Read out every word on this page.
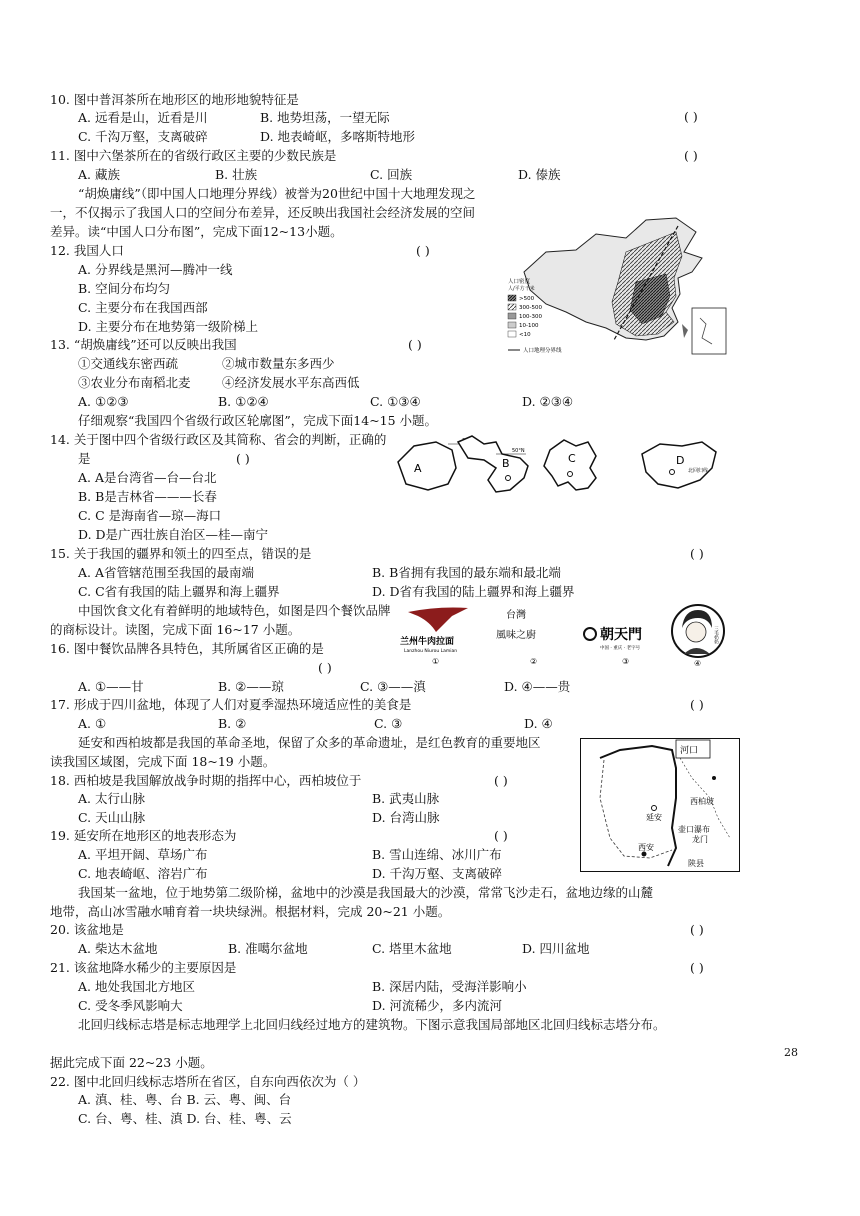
10. 图中普洱茶所在地形区的地形地貌特征是
( )
A. 远看是山，近看是川	B. 地势坦荡，一望无际
C. 千沟万壑，支离破碎	D. 地表崎岖，多喀斯特地形
11. 图中六堡茶所在的省级行政区主要的少数民族是	( )
A. 藏族	B. 壮族	C. 回族	D. 傣族
“胡焕庸线”（即中国人口地理分界线）被誉为20世纪中国十大地理发现之
一，不仅揭示了我国人口的空间分布差异，还反映出我国社会经济发展的空间
差异。读“中国人口分布图”，完成下面12~13小题。
人口密度
人/平方千米
>500
300-500
100-300
10-100
<10
人口地理分界线
12. 我国人口	( )
A. 分界线是黑河—腾冲一线
B. 空间分布均匀
C. 主要分布在我国西部
D. 主要分布在地势第一级阶梯上
13. “胡焕庸线”还可以反映出我国	( )
①交通线东密西疏	②城市数量东多西少
③农业分布南稻北麦	④经济发展水平东高西低
A. ①②③	B. ①②④	C. ①③④	D. ②③④
仔细观察“我国四个省级行政区轮廓图”，完成下面14~15 小题。
A
50°N
B	C	D
北回归线
14. 关于图中四个省级行政区及其简称、省会的判断，正确的
是	( )
A. A是台湾省—台—台北
B. B是吉林省———长春
C. C 是海南省—琼—海口
D. D是广西壮族自治区—桂—南宁
15. 关于我国的疆界和领土的四至点，错误的是	( )
A. A省管辖范围至我国的最南端	B. B省拥有我国的最东端和最北端
C. C省有我国的陆上疆界和海上疆界	D. D省有我国的陆上疆界和海上疆界
中国饮食文化有着鲜明的地域特色，如图是四个餐饮品牌
的商标设计。读图，完成下面 16~17 小题。
兰州牛肉拉面
Lanzhou Niurou Lamian
①
台灣
風味之廚
②
朝天門
中国 · 重庆 · 老字号
③
三毛奶奶
④
16. 图中餐饮品牌各具特色，其所属省区正确的是
( )
A. ①——甘	B. ②——琼	C. ③——滇	D. ④——贵
17. 形成于四川盆地，体现了人们对夏季湿热环境适应性的美食是	( )
A. ①	B. ②	C. ③	D. ④
延安和西柏坡都是我国的革命圣地，保留了众多的革命遗址，是红色教育的重要地区
读我国区域图，完成下面 18~19 小题。
河口
西柏坡
延安
壶口瀑布
龙门
西安
陕县
18. 西柏坡是我国解放战争时期的指挥中心，西柏坡位于	( )
A. 太行山脉	B. 武夷山脉
C. 天山山脉	D. 台湾山脉
19. 延安所在地形区的地表形态为	( )
A. 平坦开阔、草场广布	B. 雪山连绵、冰川广布
C. 地表崎岖、溶岩广布	D. 千沟万壑、支离破碎
我国某一盆地，位于地势第二级阶梯，盆地中的沙漠是我国最大的沙漠，常常飞沙走石，盆地边缘的山麓
地带，高山冰雪融水哺育着一块块绿洲。根据材料，完成 20~21 小题。
20. 该盆地是	( )
A. 柴达木盆地	B. 准噶尔盆地	C. 塔里木盆地	D. 四川盆地
21. 该盆地降水稀少的主要原因是	( )
A. 地处我国北方地区	B. 深居内陆，受海洋影响小
C. 受冬季风影响大	D. 河流稀少，多内流河
北回归线标志塔是标志地理学上北回归线经过地方的建筑物。下图示意我国局部地区北回归线标志塔分布。
据此完成下面 22~23 小题。
28
22. 图中北回归线标志塔所在省区，自东向西依次为（ ）
A. 滇、桂、粤、台 B. 云、粤、闽、台
C. 台、粤、桂、滇 D. 台、桂、粤、云
